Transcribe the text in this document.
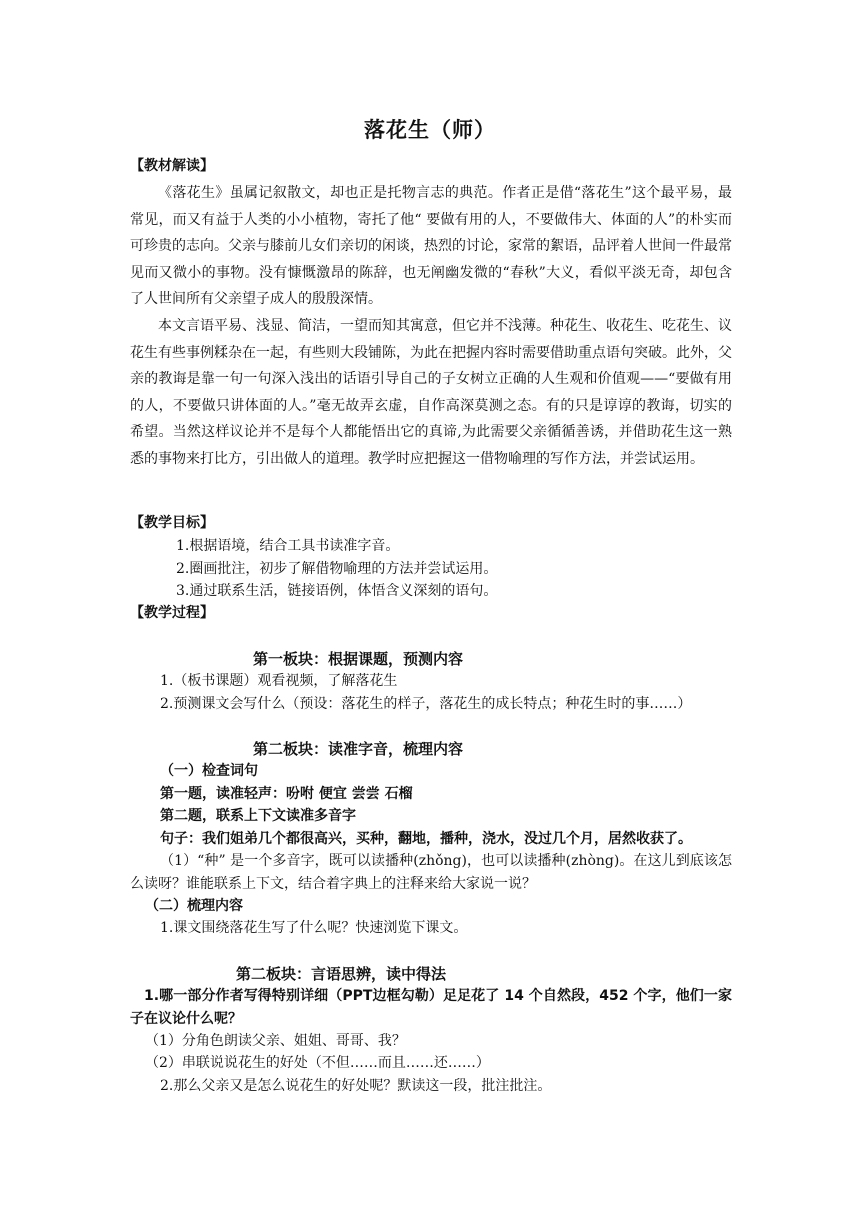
落花生（师）
【教材解读】

《落花生》虽属记叙散文，却也正是托物言志的典范。作者正是借“落花生”这个最平易，最常见，而又有益于人类的小小植物，寄托了他“ 要做有用的人，不要做伟大、体面的人”的朴实而可珍贵的志向。父亲与膝前儿女们亲切的闲谈，热烈的讨论，家常的絮语，品评着人世间一件最常见而又微小的事物。没有慷慨激昂的陈辞，也无阐幽发微的“春秋”大义，看似平淡无奇，却包含了人世间所有父亲望子成人的殷殷深情。

本文言语平易、浅显、简洁，一望而知其寓意，但它并不浅薄。种花生、收花生、吃花生、议花生有些事例糅杂在一起，有些则大段铺陈，为此在把握内容时需要借助重点语句突破。此外，父亲的教诲是靠一句一句深入浅出的话语引导自己的子女树立正确的人生观和价值观——“要做有用的人，不要做只讲体面的人。”毫无故弄玄虚，自作高深莫测之态。有的只是谆谆的教诲，切实的希望。当然这样议论并不是每个人都能悟出它的真谛,为此需要父亲循循善诱，并借助花生这一熟悉的事物来打比方，引出做人的道理。教学时应把握这一借物喻理的写作方法，并尝试运用。

【教学目标】
1.根据语境，结合工具书读准字音。
2.圈画批注，初步了解借物喻理的方法并尝试运用。
3.通过联系生活，链接语例，体悟含义深刻的语句。
【教学过程】
第一板块：根据课题，预测内容
1.（板书课题）观看视频，了解落花生
2.预测课文会写什么（预设：落花生的样子，落花生的成长特点；种花生时的事……）
第二板块：读准字音，梳理内容
（一）检查词句
第一题，读准轻声：吩咐 便宜 尝尝 石榴
第二题，联系上下文读准多音字
句子：我们姐弟几个都很高兴，买种，翻地，播种，浇水，没过几个月，居然收获了。

（1）“种” 是一个多音字，既可以读播种(zhǒng)，也可以读播种(zhòng)。在这儿到底该怎么读呀？谁能联系上下文，结合着字典上的注释来给大家说一说？

（二）梳理内容
1.课文围绕落花生写了什么呢？快速浏览下课文。
第二板块：言语思辨，读中得法

1.哪一部分作者写得特别详细（PPT边框勾勒）足足花了 14 个自然段，452 个字，他们一家子在议论什么呢？

（1）分角色朗读父亲、姐姐、哥哥、我？
（2）串联说说花生的好处（不但……而且……还……）
2.那么父亲又是怎么说花生的好处呢？默读这一段，批注批注。
